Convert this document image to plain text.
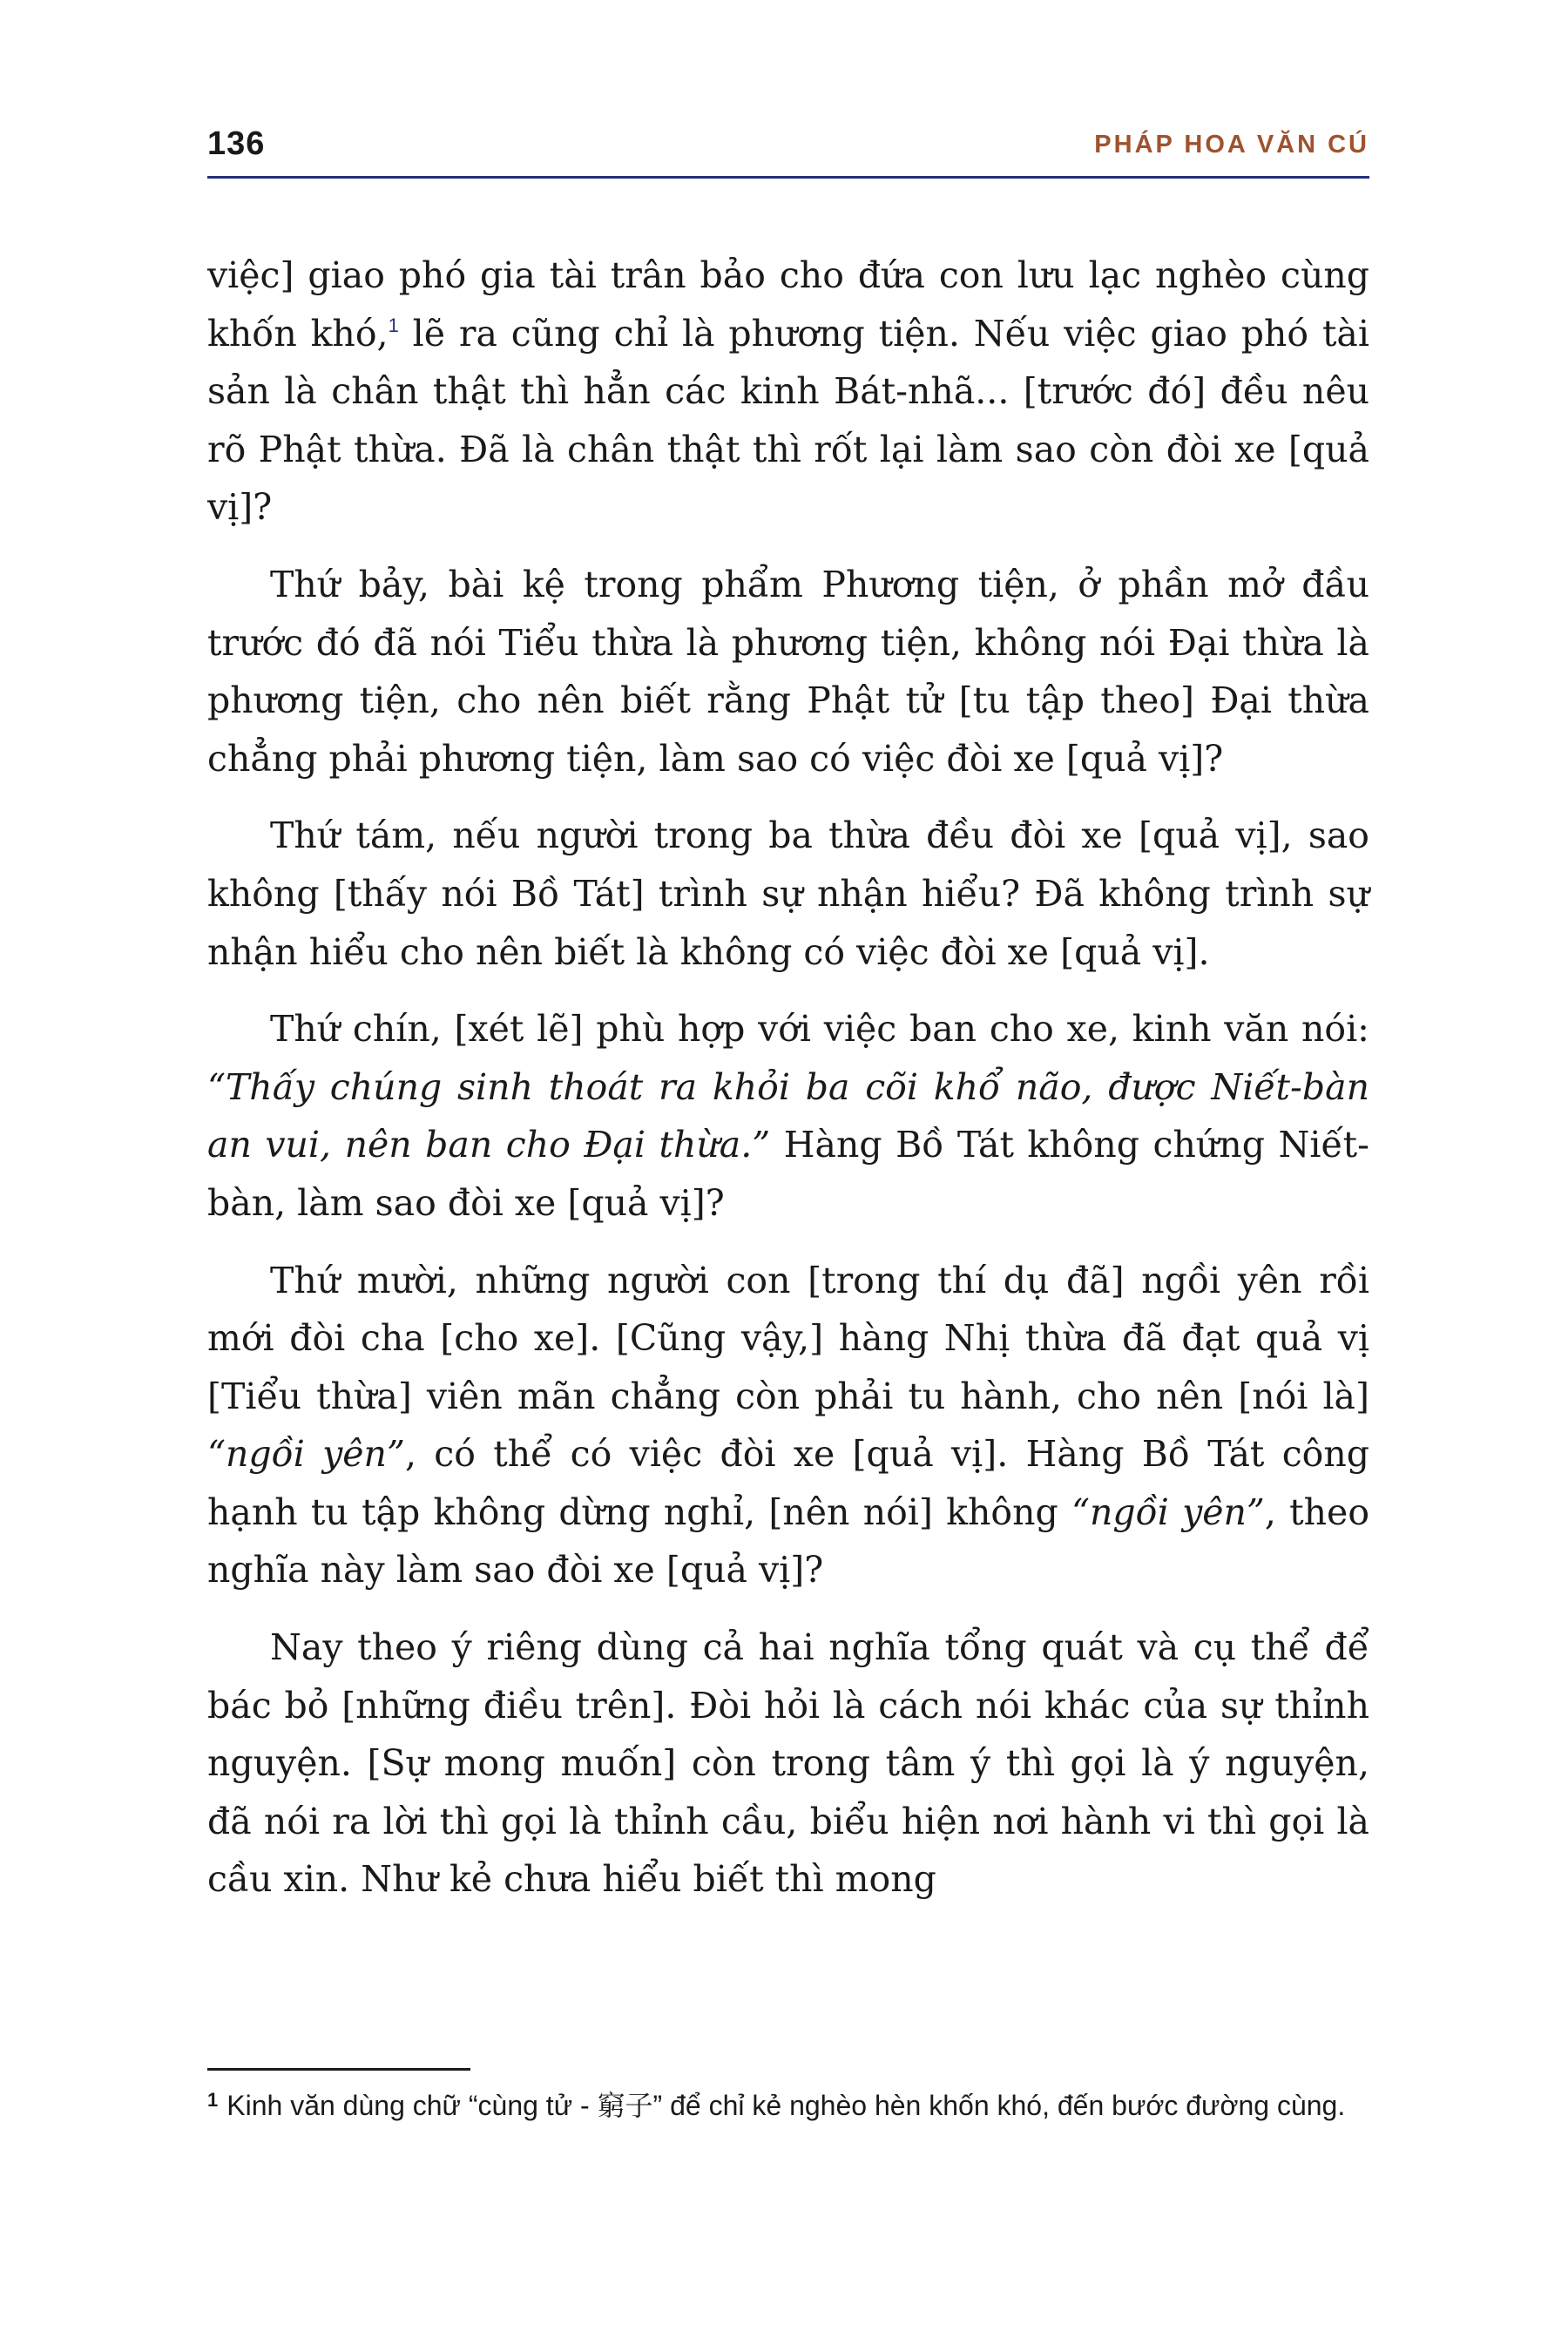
136	PHÁP HOA VĂN CÚ

việc] giao phó gia tài trân bảo cho đứa con lưu lạc nghèo cùng khốn khó,$^1$ lẽ ra cũng chỉ là phương tiện. Nếu việc giao phó tài sản là chân thật thì hẳn các kinh Bát-nhã... [trước đó] đều nêu rõ Phật thừa. Đã là chân thật thì rốt lại làm sao còn đòi xe [quả vị]?

Thứ bảy, bài kệ trong phẩm Phương tiện, ở phần mở đầu trước đó đã nói Tiểu thừa là phương tiện, không nói Đại thừa là phương tiện, cho nên biết rằng Phật tử [tu tập theo] Đại thừa chẳng phải phương tiện, làm sao có việc đòi xe [quả vị]?

Thứ tám, nếu người trong ba thừa đều đòi xe [quả vị], sao không [thấy nói Bồ Tát] trình sự nhận hiểu? Đã không trình sự nhận hiểu cho nên biết là không có việc đòi xe [quả vị].

Thứ chín, [xét lẽ] phù hợp với việc ban cho xe, kinh văn nói: “Thấy chúng sinh thoát ra khỏi ba cõi khổ não, được Niết-bàn an vui, nên ban cho Đại thừa.” Hàng Bồ Tát không chứng Niết-bàn, làm sao đòi xe [quả vị]?

Thứ mười, những người con [trong thí dụ đã] ngồi yên rồi mới đòi cha [cho xe]. [Cũng vậy,] hàng Nhị thừa đã đạt quả vị [Tiểu thừa] viên mãn chẳng còn phải tu hành, cho nên [nói là] “ngồi yên”, có thể có việc đòi xe [quả vị]. Hàng Bồ Tát công hạnh tu tập không dừng nghỉ, [nên nói] không “ngồi yên”, theo nghĩa này làm sao đòi xe [quả vị]?

Nay theo ý riêng dùng cả hai nghĩa tổng quát và cụ thể để bác bỏ [những điều trên]. Đòi hỏi là cách nói khác của sự thỉnh nguyện. [Sự mong muốn] còn trong tâm ý thì gọi là ý nguyện, đã nói ra lời thì gọi là thỉnh cầu, biểu hiện nơi hành vi thì gọi là cầu xin. Như kẻ chưa hiểu biết thì mong

$^1$ Kinh văn dùng chữ “cùng tử - 窮子” để chỉ kẻ nghèo hèn khốn khó, đến bước đường cùng.
